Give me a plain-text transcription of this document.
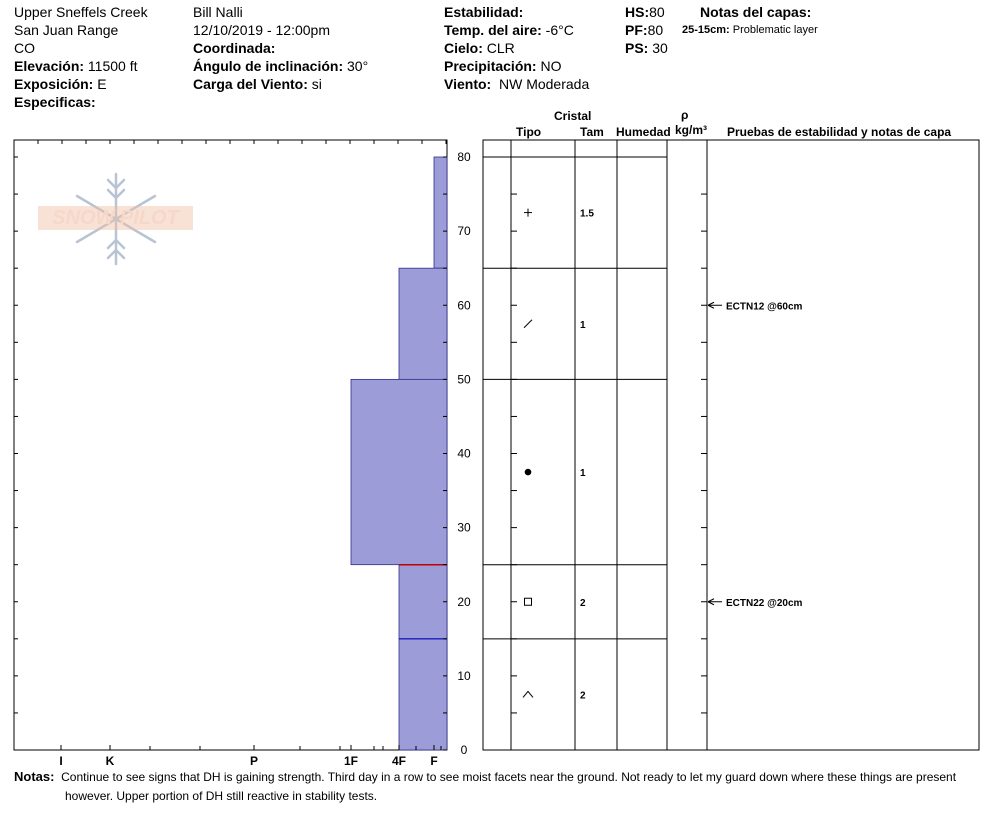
Upper Sneffels Creek
San Juan Range
CO
Elevación: 11500 ft
Exposición: E
Especificas:
Bill Nalli
12/10/2019 - 12:00pm
Coordinada:
Ángulo de inclinación: 30°
Carga del Viento: si
Estabilidad:
Temp. del aire: -6°C
Cielo: CLR
Precipitación: NO
Viento: NW Moderada
HS:80
PF:80
PS: 30
Notas del capas:
25-15cm: Problematic layer
Cristal
Tipo	Tam Humedad
ρ
kg/m³ Pruebas de estabilidad y notas de capa
F
4F
1F
P
K
I
0
10
20
30
40
50
60
70
80
1.5
1
1
2
2
ECTN12 @60cm
ECTN22 @20cm
SNOW PILOT
Notas: Continue to see signs that DH is gaining strength. Third day in a row to see moist facets near the ground. Not ready to let my guard down where these things are present
however. Upper portion of DH still reactive in stability tests.
